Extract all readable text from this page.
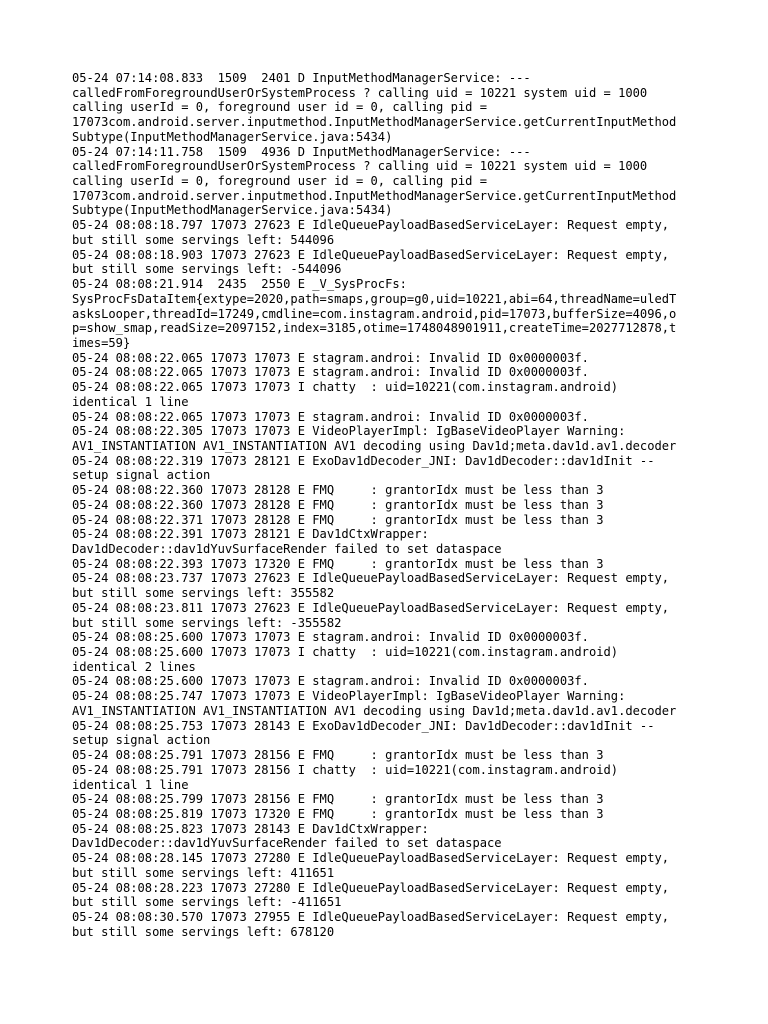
05-24 07:14:08.833  1509  2401 D InputMethodManagerService: ---
calledFromForegroundUserOrSystemProcess ? calling uid = 10221 system uid = 1000
calling userId = 0, foreground user id = 0, calling pid =
17073com.android.server.inputmethod.InputMethodManagerService.getCurrentInputMethod
Subtype(InputMethodManagerService.java:5434)
05-24 07:14:11.758  1509  4936 D InputMethodManagerService: ---
calledFromForegroundUserOrSystemProcess ? calling uid = 10221 system uid = 1000
calling userId = 0, foreground user id = 0, calling pid =
17073com.android.server.inputmethod.InputMethodManagerService.getCurrentInputMethod
Subtype(InputMethodManagerService.java:5434)
05-24 08:08:18.797 17073 27623 E IdleQueuePayloadBasedServiceLayer: Request empty,
but still some servings left: 544096
05-24 08:08:18.903 17073 27623 E IdleQueuePayloadBasedServiceLayer: Request empty,
but still some servings left: -544096
05-24 08:08:21.914  2435  2550 E _V_SysProcFs:
SysProcFsDataItem{extype=2020,path=smaps,group=g0,uid=10221,abi=64,threadName=uledT
asksLooper,threadId=17249,cmdline=com.instagram.android,pid=17073,bufferSize=4096,o
p=show_smap,readSize=2097152,index=3185,otime=1748048901911,createTime=2027712878,t
imes=59}
05-24 08:08:22.065 17073 17073 E stagram.androi: Invalid ID 0x0000003f.
05-24 08:08:22.065 17073 17073 E stagram.androi: Invalid ID 0x0000003f.
05-24 08:08:22.065 17073 17073 I chatty  : uid=10221(com.instagram.android)
identical 1 line
05-24 08:08:22.065 17073 17073 E stagram.androi: Invalid ID 0x0000003f.
05-24 08:08:22.305 17073 17073 E VideoPlayerImpl: IgBaseVideoPlayer Warning:
AV1_INSTANTIATION AV1_INSTANTIATION AV1 decoding using Dav1d;meta.dav1d.av1.decoder
05-24 08:08:22.319 17073 28121 E ExoDav1dDecoder_JNI: Dav1dDecoder::dav1dInit --
setup signal action
05-24 08:08:22.360 17073 28128 E FMQ     : grantorIdx must be less than 3
05-24 08:08:22.360 17073 28128 E FMQ     : grantorIdx must be less than 3
05-24 08:08:22.371 17073 28128 E FMQ     : grantorIdx must be less than 3
05-24 08:08:22.391 17073 28121 E Dav1dCtxWrapper:
Dav1dDecoder::dav1dYuvSurfaceRender failed to set dataspace
05-24 08:08:22.393 17073 17320 E FMQ     : grantorIdx must be less than 3
05-24 08:08:23.737 17073 27623 E IdleQueuePayloadBasedServiceLayer: Request empty,
but still some servings left: 355582
05-24 08:08:23.811 17073 27623 E IdleQueuePayloadBasedServiceLayer: Request empty,
but still some servings left: -355582
05-24 08:08:25.600 17073 17073 E stagram.androi: Invalid ID 0x0000003f.
05-24 08:08:25.600 17073 17073 I chatty  : uid=10221(com.instagram.android)
identical 2 lines
05-24 08:08:25.600 17073 17073 E stagram.androi: Invalid ID 0x0000003f.
05-24 08:08:25.747 17073 17073 E VideoPlayerImpl: IgBaseVideoPlayer Warning:
AV1_INSTANTIATION AV1_INSTANTIATION AV1 decoding using Dav1d;meta.dav1d.av1.decoder
05-24 08:08:25.753 17073 28143 E ExoDav1dDecoder_JNI: Dav1dDecoder::dav1dInit --
setup signal action
05-24 08:08:25.791 17073 28156 E FMQ     : grantorIdx must be less than 3
05-24 08:08:25.791 17073 28156 I chatty  : uid=10221(com.instagram.android)
identical 1 line
05-24 08:08:25.799 17073 28156 E FMQ     : grantorIdx must be less than 3
05-24 08:08:25.819 17073 17320 E FMQ     : grantorIdx must be less than 3
05-24 08:08:25.823 17073 28143 E Dav1dCtxWrapper:
Dav1dDecoder::dav1dYuvSurfaceRender failed to set dataspace
05-24 08:08:28.145 17073 27280 E IdleQueuePayloadBasedServiceLayer: Request empty,
but still some servings left: 411651
05-24 08:08:28.223 17073 27280 E IdleQueuePayloadBasedServiceLayer: Request empty,
but still some servings left: -411651
05-24 08:08:30.570 17073 27955 E IdleQueuePayloadBasedServiceLayer: Request empty,
but still some servings left: 678120
